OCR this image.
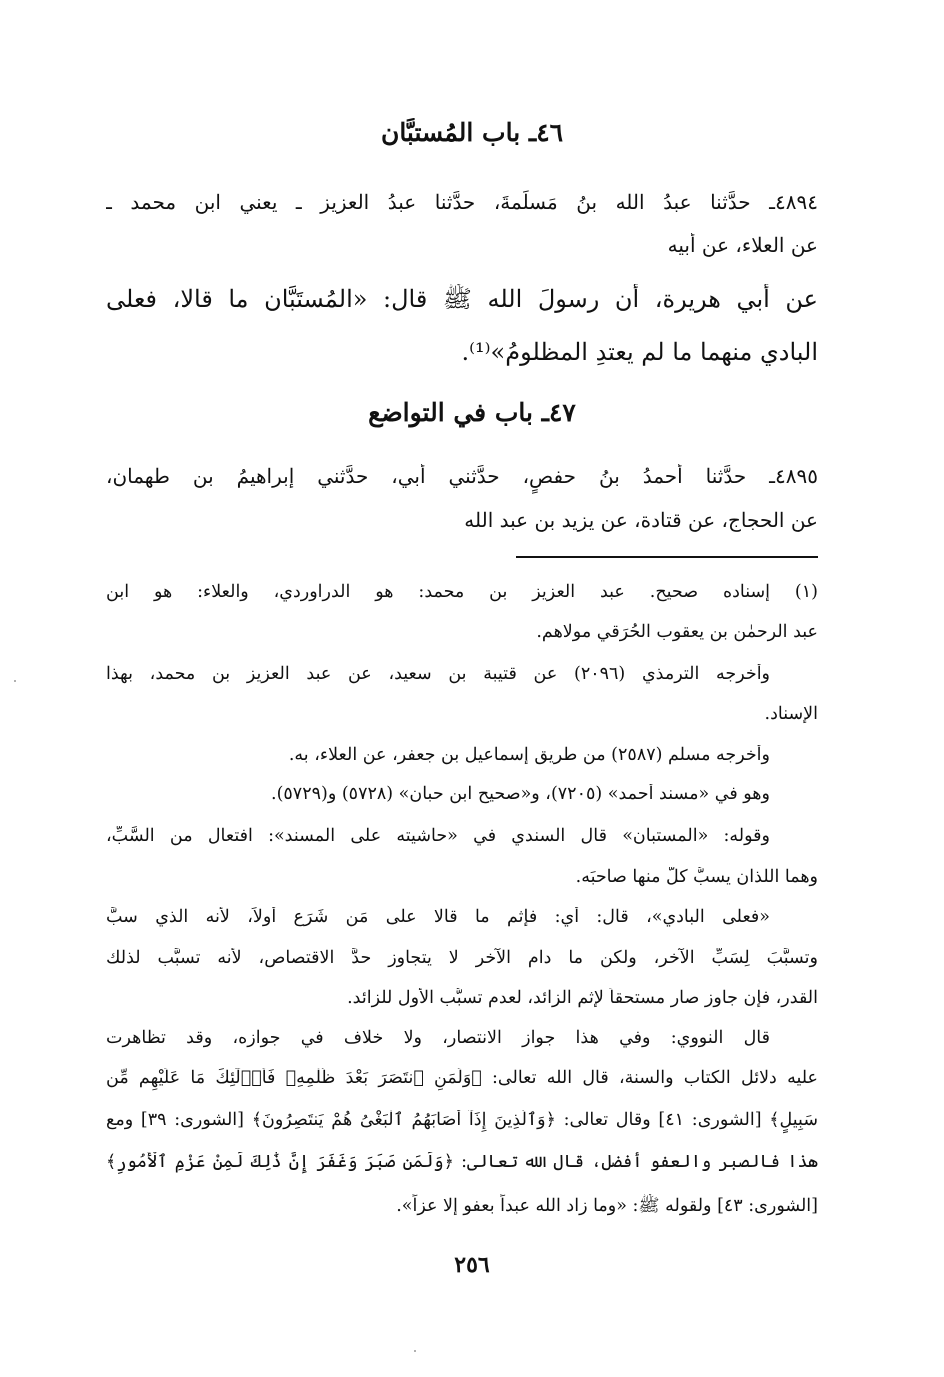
٤٦ـ باب المُستبَّان
٤٨٩٤ـ حدَّثنا عبدُ الله بنُ مَسلَمةَ، حدَّثنا عبدُ العزيز ـ يعني ابن محمد ـ
عن العلاء، عن أبيه
عن أبي هريرة، أن رسولَ الله ﷺ قال: «المُستَبَّان ما قالا، فعلى
البادي منهما ما لم يعتدِ المظلومُ»⁽¹⁾.
٤٧ـ باب في التواضع
٤٨٩٥ـ حدَّثنا أحمدُ بنُ حفصٍ، حدَّثني أبي، حدَّثني إبراهيمُ بن طهمان،
عن الحجاج، عن قتادة، عن يزيد بن عبد الله
(١) إسناده صحيح. عبد العزيز بن محمد: هو الدراوردي، والعلاء: هو ابن
عبد الرحمٰن بن يعقوب الحُرَقي مولاهم.
وأخرجه الترمذي (٢٠٩٦) عن قتيبة بن سعيد، عن عبد العزيز بن محمد، بهذا
الإسناد.
وأخرجه مسلم (٢٥٨٧) من طريق إسماعيل بن جعفر، عن العلاء، به.
وهو في «مسند أحمد» (٧٢٠٥)، و«صحيح ابن حبان» (٥٧٢٨) و(٥٧٢٩).
وقوله: «المستبان» قال السندي في «حاشيته على المسند»: افتعال من السَّبِّ،
وهما اللذان يسبُّ كلٌّ منها صاحبَه.
«فعلى البادي»، قال: أي: فإثم ما قالا على مَن شَرَع أولاً، لأنه الذي سبَّ
وتسبَّبَ لِسَبِّ الآخر، ولكن ما دام الآخر لا يتجاوز حدَّ الاقتصاص، لأنه تسبَّب لذلك
القدر، فإن جاوز صار مستحقاً لإثم الزائد، لعدم تسبُّب الأول للزائد.
قال النووي: وفي هذا جواز الانتصار، ولا خلاف في جوازه، وقد تظاهرت
عليه دلائل الكتاب والسنة، قال الله تعالى: ﴿وَلَمَنِ ٱنتَصَرَ بَعْدَ ظُلْمِهِۦ فَأُو۟لَٰٓئِكَ مَا عَلَيْهِم مِّن
سَبِيلٍ﴾ [الشورى: ٤١] وقال تعالى: ﴿وَٱلَّذِينَ إِذَآ أَصَابَهُمُ ٱلْبَغْىُ هُمْ يَنتَصِرُونَ﴾ [الشورى: ٣٩] ومع
هذا فالصبر والعفو أفضل، قال الله تعالى: ﴿وَلَمَن صَبَرَ وَغَفَرَ إِنَّ ذَٰلِكَ لَمِنْ عَزْمِ ٱلْأُمُورِ﴾
[الشورى: ٤٣] ولقوله ﷺ: «وما زاد الله عبداً بعفو إلا عزاً».
٢٥٦
